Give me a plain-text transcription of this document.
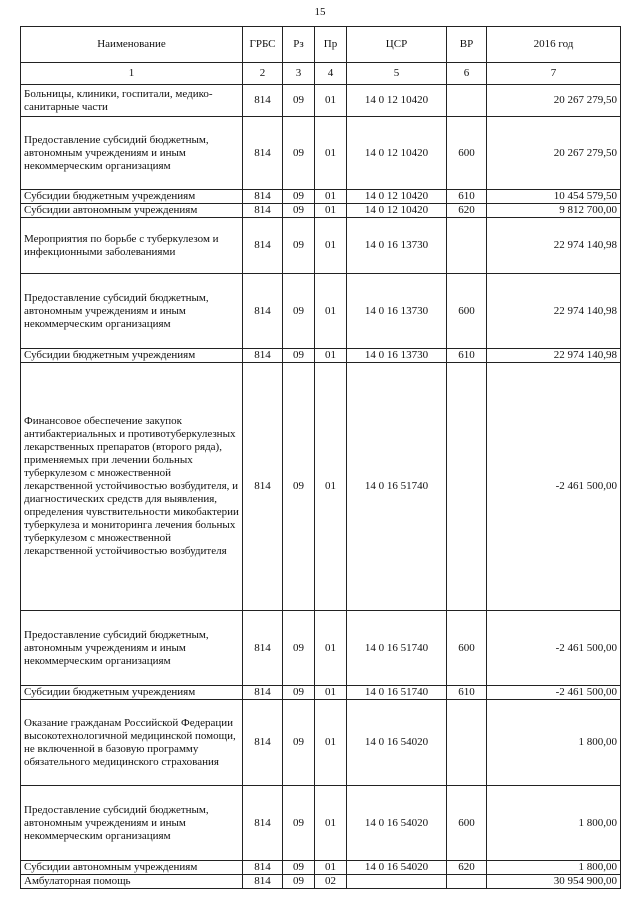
15
Наименование	ГРБС	Рз	Пр	ЦСР	ВР	2016 год
1	2	3	4	5	6	7
Больницы, клиники, госпитали, медико-санитарные части	814	09	01	14 0 12 10420		20 267 279,50
Предоставление субсидий бюджетным, автономным учреждениям и иным некоммерческим организациям	814	09	01	14 0 12 10420	600	20 267 279,50
Субсидии бюджетным учреждениям	814	09	01	14 0 12 10420	610	10 454 579,50
Субсидии автономным учреждениям	814	09	01	14 0 12 10420	620	9 812 700,00
Мероприятия по борьбе с туберкулезом и инфекционными заболеваниями	814	09	01	14 0 16 13730		22 974 140,98
Предоставление субсидий бюджетным, автономным учреждениям и иным некоммерческим организациям	814	09	01	14 0 16 13730	600	22 974 140,98
Субсидии бюджетным учреждениям	814	09	01	14 0 16 13730	610	22 974 140,98
Финансовое обеспечение закупок антибактериальных и противотуберкулезных лекарственных препаратов (второго ряда), применяемых при лечении больных туберкулезом с множественной лекарственной устойчивостью возбудителя, и диагностических средств для выявления, определения чувствительности микобактерии туберкулеза и мониторинга лечения больных туберкулезом с множественной лекарственной устойчивостью возбудителя	814	09	01	14 0 16 51740		-2 461 500,00
Предоставление субсидий бюджетным, автономным учреждениям и иным некоммерческим организациям	814	09	01	14 0 16 51740	600	-2 461 500,00
Субсидии бюджетным учреждениям	814	09	01	14 0 16 51740	610	-2 461 500,00
Оказание гражданам Российской Федерации высокотехнологичной медицинской помощи, не включенной в базовую программу обязательного медицинского страхования	814	09	01	14 0 16 54020		1 800,00
Предоставление субсидий бюджетным, автономным учреждениям и иным некоммерческим организациям	814	09	01	14 0 16 54020	600	1 800,00
Субсидии автономным учреждениям	814	09	01	14 0 16 54020	620	1 800,00
Амбулаторная помощь	814	09	02			30 954 900,00
